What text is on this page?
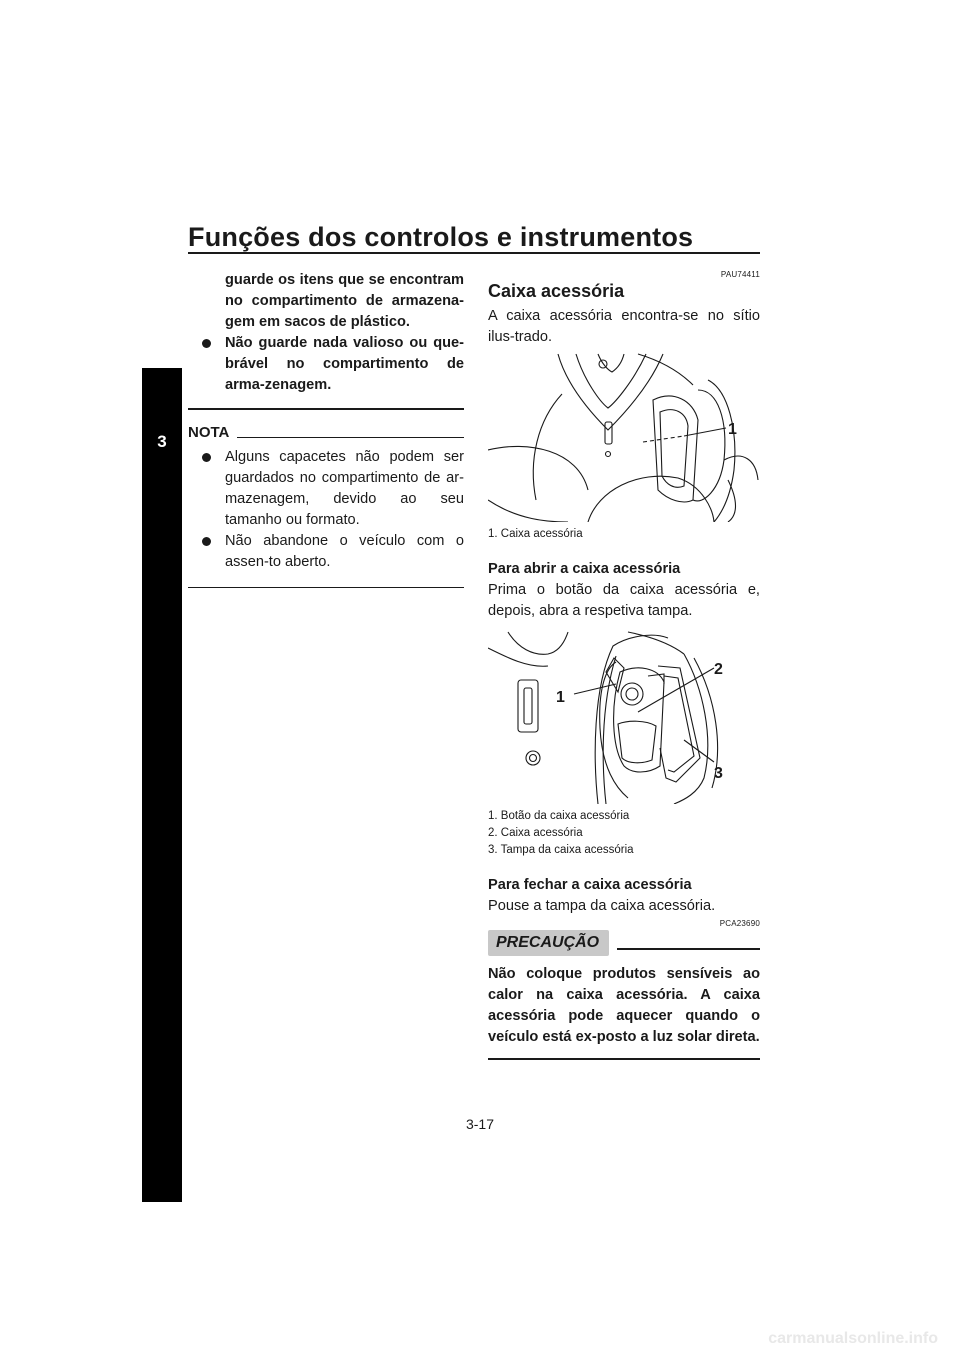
Funções dos controlos e instrumentos
3

guarde os itens que se encontram no compartimento de armazena-gem em sacos de plástico.

Não guarde nada valioso ou que-brável no compartimento de arma-zenagem.

NOTA

Alguns capacetes não podem ser guardados no compartimento de ar-mazenagem, devido ao seu tamanho ou formato.

Não abandone o veículo com o assen-to aberto.

PAU74411
Caixa acessória

A caixa acessória encontra-se no sítio ilus-trado.

1
1. Caixa acessória
Para abrir a caixa acessória

Prima o botão da caixa acessória e, depois, abra a respetiva tampa.

1
2
3
1. Botão da caixa acessória
2. Caixa acessória
3. Tampa da caixa acessória
Para fechar a caixa acessória

Pouse a tampa da caixa acessória.

PCA23690
PRECAUÇÃO

Não coloque produtos sensíveis ao calor na caixa acessória. A caixa acessória pode aquecer quando o veículo está ex-posto a luz solar direta.

3-17
carmanualsonline.info
